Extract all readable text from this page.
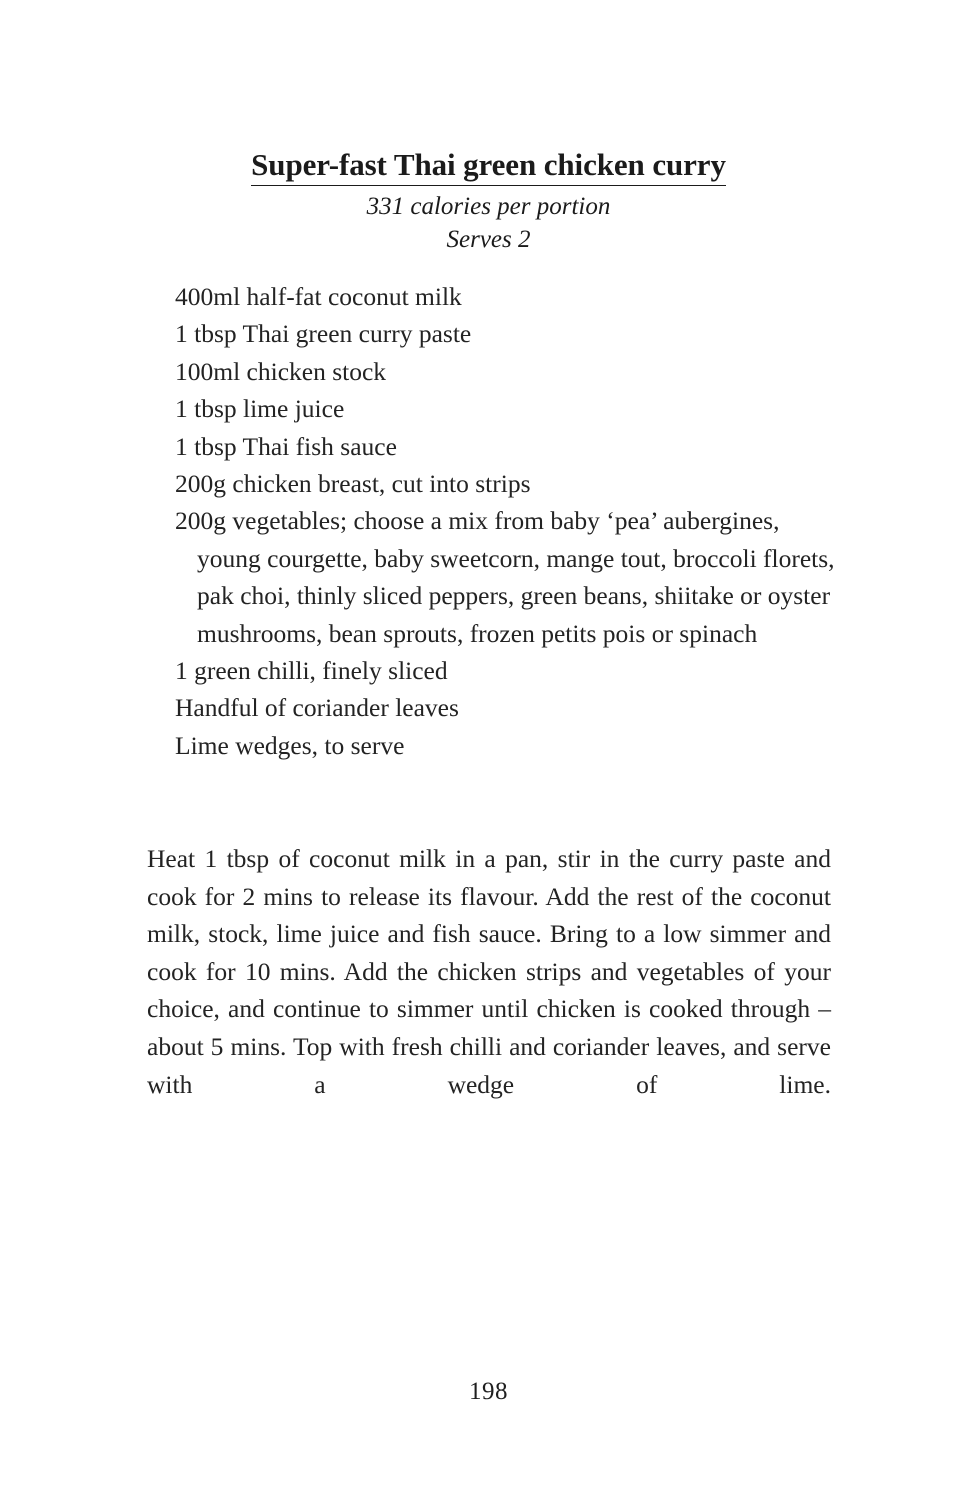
Super-fast Thai green chicken curry
331 calories per portion
Serves 2

400ml half-fat coconut milk

1 tbsp Thai green curry paste

100ml chicken stock

1 tbsp lime juice

1 tbsp Thai fish sauce

200g chicken breast, cut into strips

200g vegetables; choose a mix from baby ‘pea’ aubergines, young courgette, baby sweetcorn, mange tout, broccoli florets, pak choi, thinly sliced peppers, green beans, shiitake or oyster mushrooms, bean sprouts, frozen petits pois or spinach

1 green chilli, finely sliced

Handful of coriander leaves

Lime wedges, to serve

Heat 1 tbsp of coconut milk in a pan, stir in the curry paste and cook for 2 mins to release its flavour. Add the rest of the coconut milk, stock, lime juice and fish sauce. Bring to a low simmer and cook for 10 mins. Add the chicken strips and vegetables of your choice, and continue to simmer until chicken is cooked through – about 5 mins. Top with fresh chilli and coriander leaves, and serve with a wedge of lime.

198
